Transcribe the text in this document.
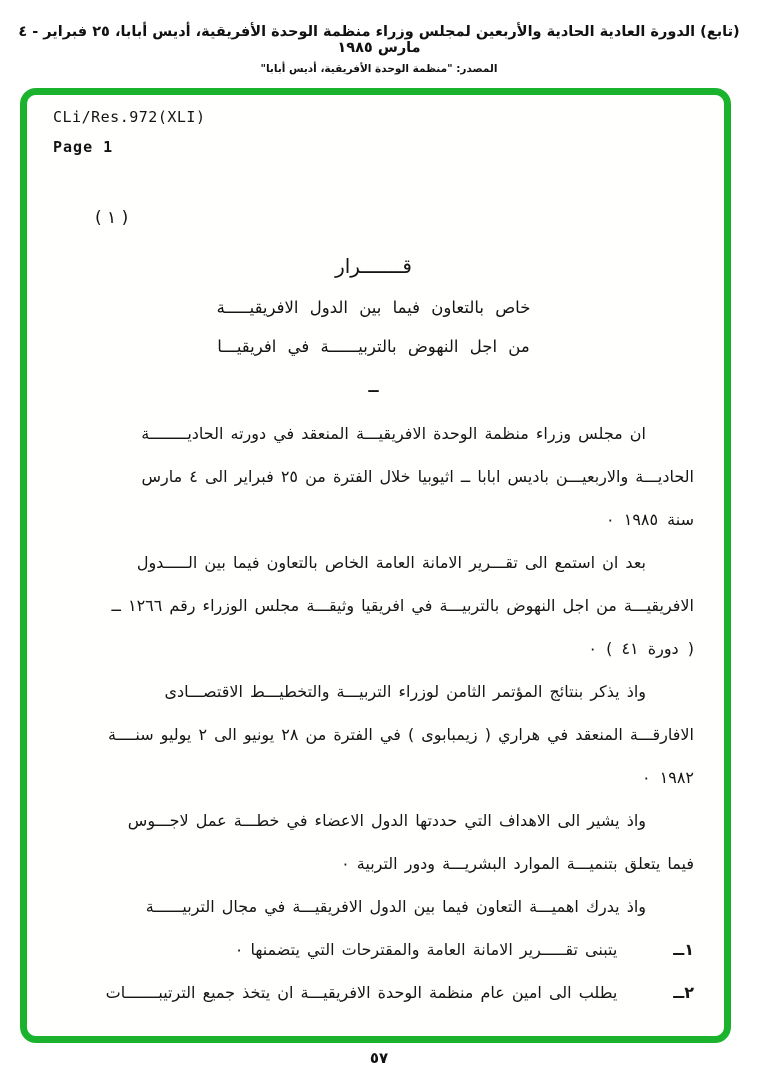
(تابع) الدورة العادية الحادية والأربعين لمجلس وزراء منظمة الوحدة الأفريقية، أديس أبابا، ٢٥ فبراير - ٤ مارس ١٩٨٥
المصدر: "منظمة الوحدة الأفريقية، أديس أبابا"
CLi/Res.972(XLI)
Page 1
( ١ )
قـــــــرار
خاص بالتعاون فيما بين الدول الافريقيـــــة
من اجل النهوض بالتربيــــــة في افريقيـــا
ــ
ان مجلس وزراء منظمة الوحدة الافريقيـــة المنعقد في دورته الحاديــــــــة
الحاديـــة والاربعيـــن باديس ابابا ــ اثيوبيا خلال الفترة من ٢٥ فبراير الى ٤ مارس
سنة ١٩٨٥ ٠
بعد ان استمع الى تقـــرير الامانة العامة الخاص بالتعاون فيما بين الـــــدول
الافريقيـــة من اجل النهوض بالتربيـــة في افريقيا وثيقـــة مجلس الوزراء رقم ١٢٦٦ ــ
( دورة ٤١ ) ٠
واذ يذكر بنتائج المؤتمر الثامن لوزراء التربيـــة والتخطيـــط الاقتصـــادى
الافارقـــة المنعقد في هراري ( زيمبابوى ) في الفترة من ٢٨ يونيو الى ٢ يوليو سنــــة
١٩٨٢ ٠
واذ يشير الى الاهداف التي حددتها الدول الاعضاء في خطـــة عمل لاجـــوس
فيما يتعلق بتنميـــة الموارد البشريـــة ودور التربية ٠
واذ يدرك اهميـــة التعاون فيما بين الدول الافريقيـــة في مجال التربيــــــة
١ــ
يتبنى تقـــــرير الامانة العامة والمقترحات التي يتضمنها ٠
٢ــ
يطلب الى امين عام منظمة الوحدة الافريقيـــة ان يتخذ جميع الترتيبـــــــات
٥٧
